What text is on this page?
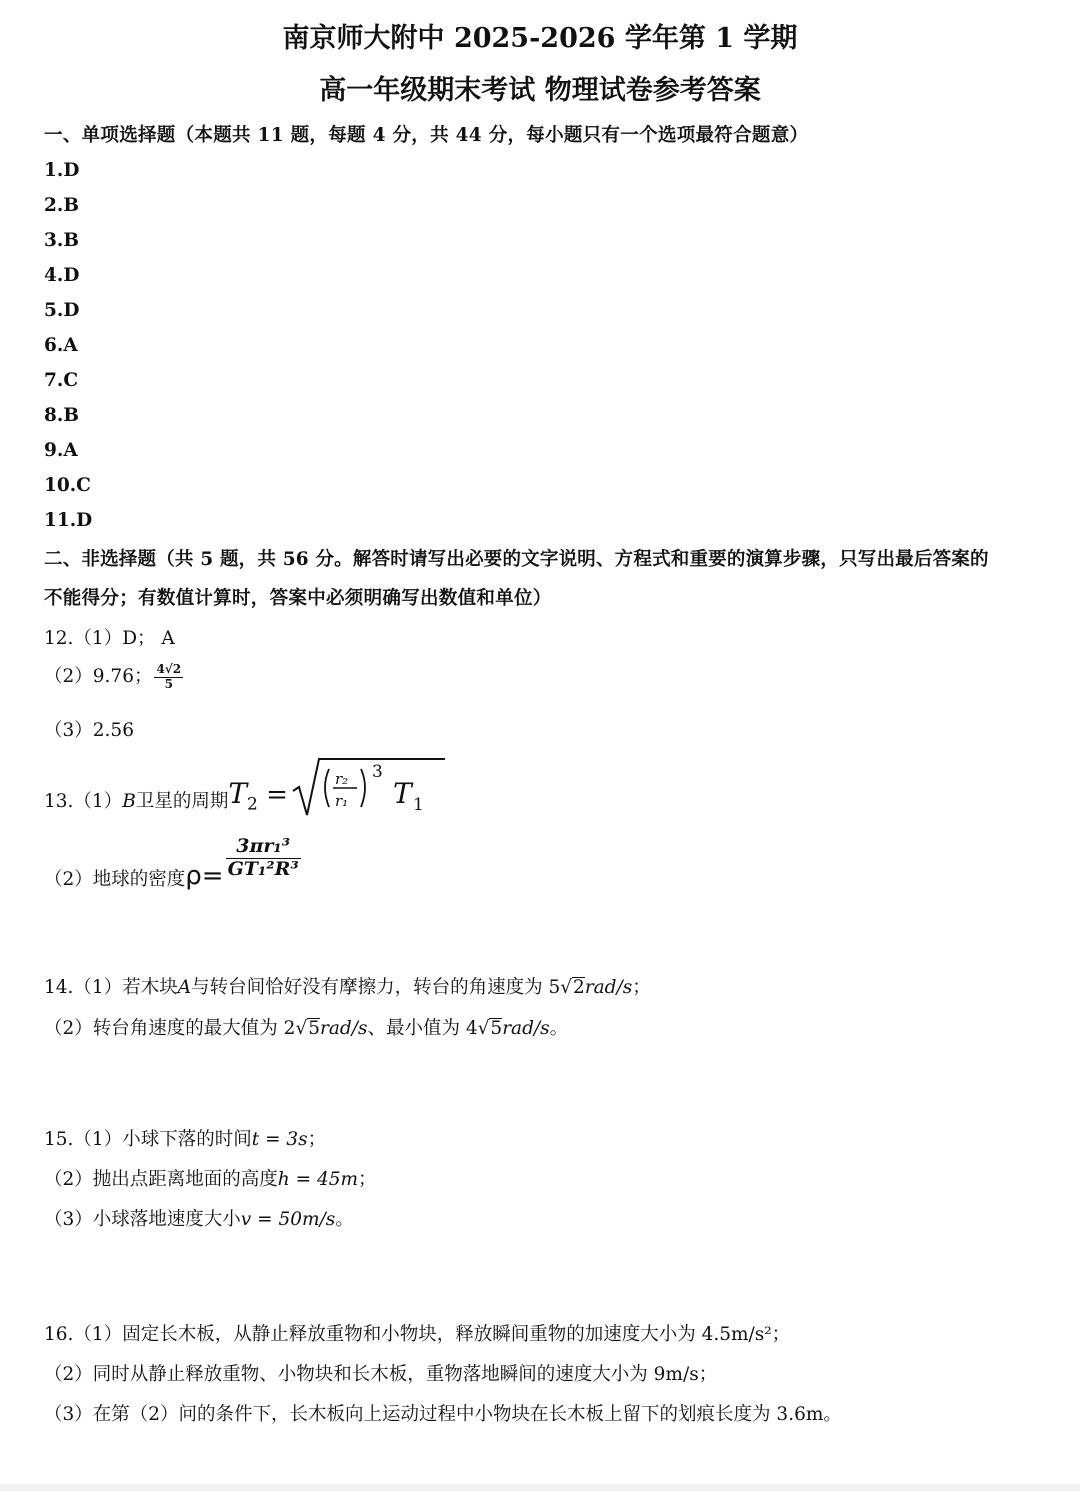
南京师大附中 2025-2026 学年第 1 学期
高一年级期末考试 物理试卷参考答案
一、单项选择题（本题共 11 题，每题 4 分，共 44 分，每小题只有一个选项最符合题意）
1.D
2.B
3.B
4.D
5.D
6.A
7.C
8.B
9.A
10.C
11.D
二、非选择题（共 5 题，共 56 分。解答时请写出必要的文字说明、方程式和重要的演算步骤，只写出最后答案的
不能得分；有数值计算时，答案中必须明确写出数值和单位）
12.（1）D； A
（2）9.76； $\frac{4√2}{5}$
（3）2.56
13.（1）B卫星的周期$T_2$ =
r₂
r₁
3
T 1
（2）地球的密度$\rho= \frac{\text{3πr₁³}}{\text{GT₁²R³}}$
14.（1）若木块A与转台间恰好没有摩擦力，转台的角速度为 5√2rad/s；
（2）转台角速度的最大值为 2√5rad/s、最小值为 4√5rad/s。
15.（1）小球下落的时间t = 3s；
（2）抛出点距离地面的高度h = 45m；
（3）小球落地速度大小v = 50m/s。
16.（1）固定长木板，从静止释放重物和小物块，释放瞬间重物的加速度大小为 4.5m/s²；
（2）同时从静止释放重物、小物块和长木板，重物落地瞬间的速度大小为 9m/s；
（3）在第（2）问的条件下，长木板向上运动过程中小物块在长木板上留下的划痕长度为 3.6m。
